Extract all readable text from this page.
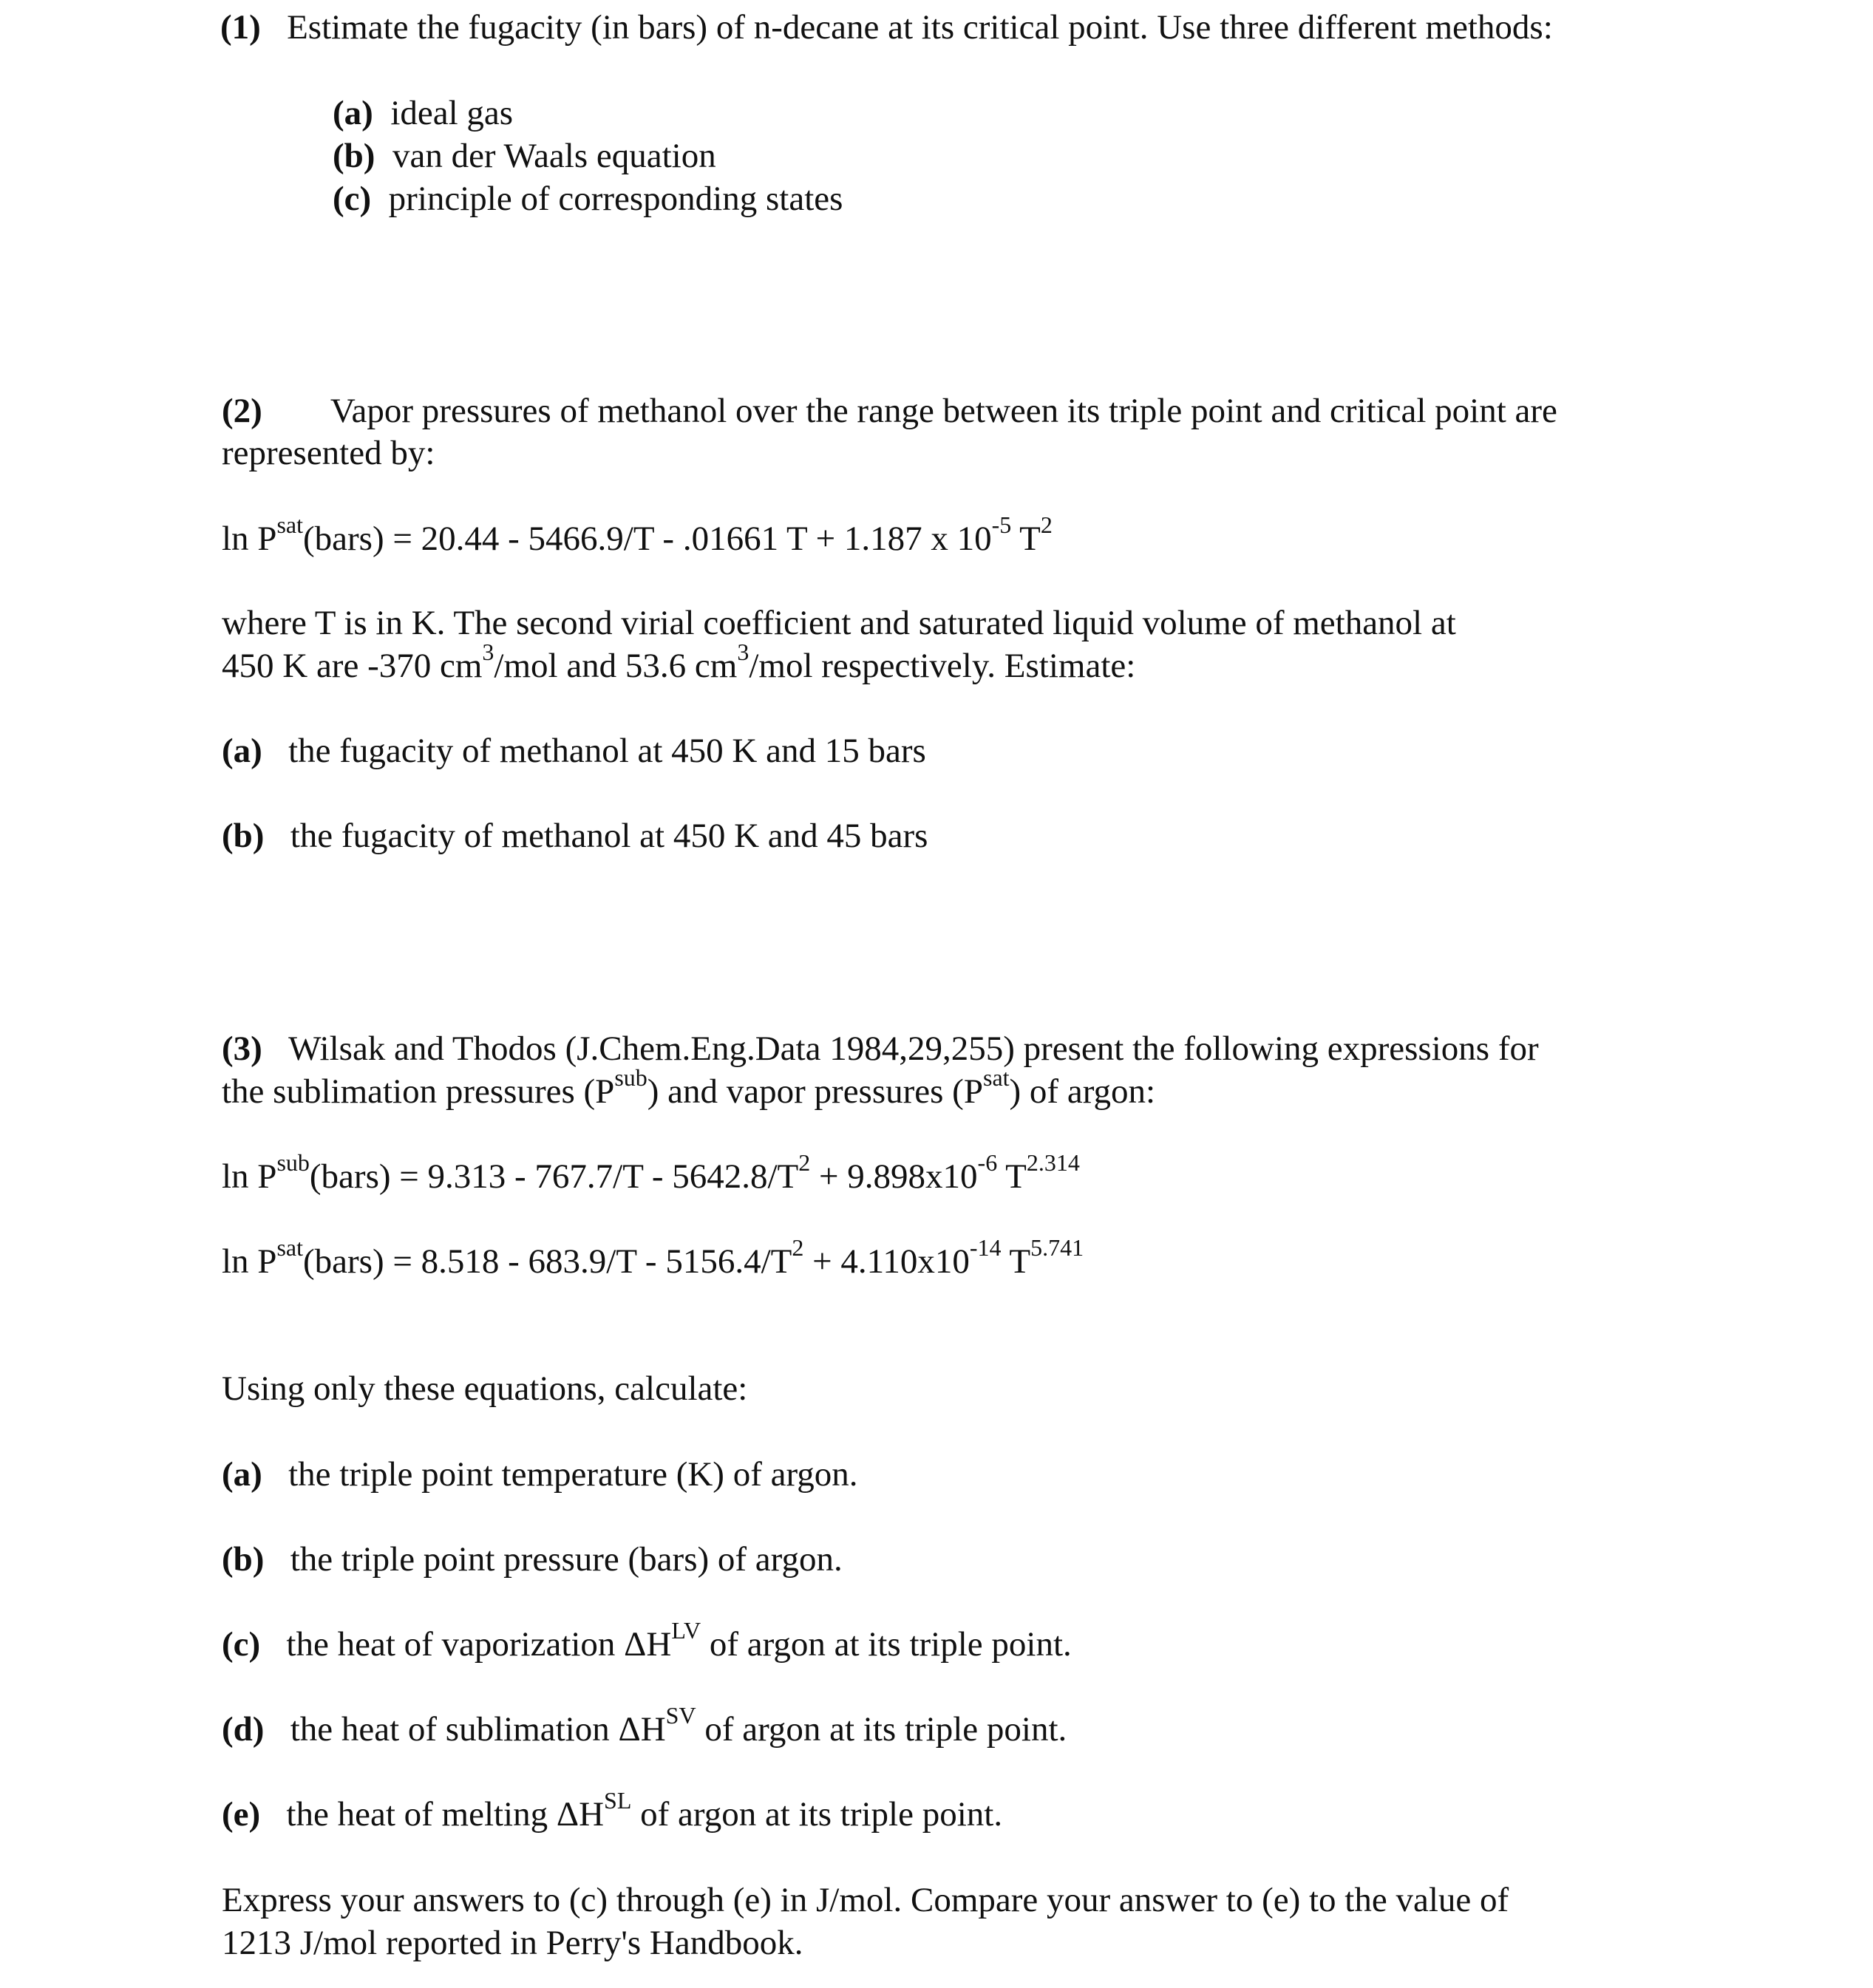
(1) Estimate the fugacity (in bars) of n-decane at its critical point. Use three different methods:
(a) ideal gas
(b) van der Waals equation
(c) principle of corresponding states
(2) Vapor pressures of methanol over the range between its triple point and critical point are
represented by:
$\ln P^{sat}(bars) = 20.44 - 5466.9/T - .01661$ T + 1.187 x $10^{-5}$ $T^2$
where T is in K. The second virial coefficient and saturated liquid volume of methanol at
450 K are -370 $cm^3$/mol and 53.6 $cm^3$/mol respectively. Estimate:
(a) the fugacity of methanol at 450 K and 15 bars
(b) the fugacity of methanol at 450 K and 45 bars
(3) Wilsak and Thodos (J.Chem.Eng.Data 1984,29,255) present the following expressions for
the sublimation pressures $(P^{sub})$ and vapor pressures $(P^{sat})$ of argon:
$\ln P^{sub}(bars) = 9.313 - 767.7/T - 5642.8/T^2 + 9.898x10^{-6}$ $T^{2.314}$
$\ln P^{sat}(bars) = 8.518 - 683.9/T - 5156.4/T^2 + 4.110x10^{-14}$ $T^{5.741}$
Using only these equations, calculate:
(a) the triple point temperature (K) of argon.
(b) the triple point pressure (bars) of argon.
(c) the heat of vaporization $\Delta H^{LV}$ of argon at its triple point.
(d) the heat of sublimation $\Delta H^{SV}$ of argon at its triple point.
(e) the heat of melting $\Delta H^{SL}$ of argon at its triple point.
Express your answers to (c) through (e) in J/mol. Compare your answer to (e) to the value of
1213 J/mol reported in Perry's Handbook.
